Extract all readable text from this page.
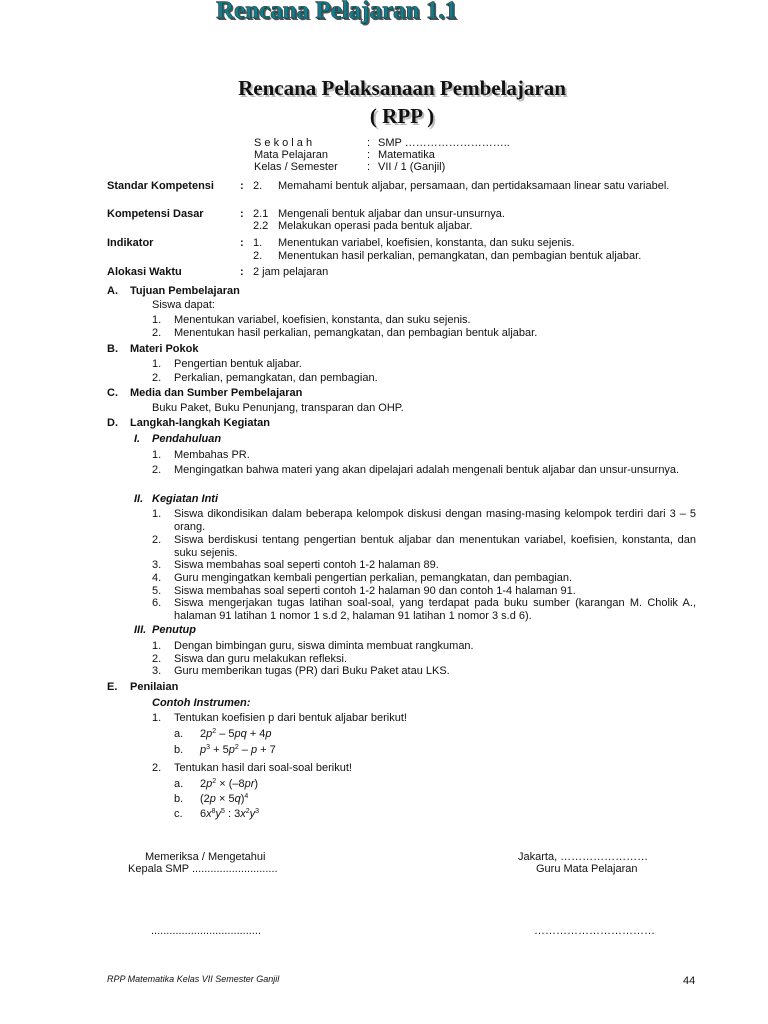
Rencana Pelajaran 1.1
Rencana Pelaksanaan Pembelajaran
( RPP )
S e k o l a h	: SMP ………………………..
Mata Pelajaran	: Matematika
Kelas / Semester	: VII / 1 (Ganjil)
Standar Kompetensi : 2. Memahami bentuk aljabar, persamaan, dan pertidaksamaan linear satu variabel.
Kompetensi Dasar	: 2.1 Mengenali bentuk aljabar dan unsur-unsurnya.
2.2 Melakukan operasi pada bentuk aljabar.
Indikator	: 1. Menentukan variabel, koefisien, konstanta, dan suku sejenis.
2. Menentukan hasil perkalian, pemangkatan, dan pembagian bentuk aljabar.
Alokasi Waktu	: 2 jam pelajaran
A. Tujuan Pembelajaran
Siswa dapat:
1. Menentukan variabel, koefisien, konstanta, dan suku sejenis.
2. Menentukan hasil perkalian, pemangkatan, dan pembagian bentuk aljabar.
B. Materi Pokok
1. Pengertian bentuk aljabar.
2. Perkalian, pemangkatan, dan pembagian.
C. Media dan Sumber Pembelajaran
Buku Paket, Buku Penunjang, transparan dan OHP.
D. Langkah-langkah Kegiatan
I. Pendahuluan
1. Membahas PR.
2. Mengingatkan bahwa materi yang akan dipelajari adalah mengenali bentuk aljabar dan unsur-unsurnya.
II. Kegiatan Inti
1. Siswa dikondisikan dalam beberapa kelompok diskusi dengan masing-masing kelompok terdiri dari 3 – 5 orang.
2. Siswa berdiskusi tentang pengertian bentuk aljabar dan menentukan variabel, koefisien, konstanta, dan suku sejenis.
3. Siswa membahas soal seperti contoh 1-2 halaman 89.
4. Guru mengingatkan kembali pengertian perkalian, pemangkatan, dan pembagian.
5. Siswa membahas soal seperti contoh 1-2 halaman 90 dan contoh 1-4 halaman 91.
6. Siswa mengerjakan tugas latihan soal-soal, yang terdapat pada buku sumber (karangan M. Cholik A., halaman 91 latihan 1 nomor 1 s.d 2, halaman 91 latihan 1 nomor 3 s.d 6).
III. Penutup
1. Dengan bimbingan guru, siswa diminta membuat rangkuman.
2. Siswa dan guru melakukan refleksi.
3. Guru memberikan tugas (PR) dari Buku Paket atau LKS.
E. Penilaian
Contoh Instrumen:
1. Tentukan koefisien p dari bentuk aljabar berikut!
a. $2p^2 - 5pq + 4p$
b. $p^3 + 5p^2 - p + 7$
2. Tentukan hasil dari soal-soal berikut!
a. $2p^2 \times (-8pr)$
b. $(2p \times 5q)^4$
c. $6x^8y^5$ : $3x^2y^3$
Memeriksa / Mengetahui
Kepala SMP ............................
....................................
Jakarta, ……………………
Guru Mata Pelajaran
……………………………
RPP Matematika Kelas VII Semester Ganjil	44
